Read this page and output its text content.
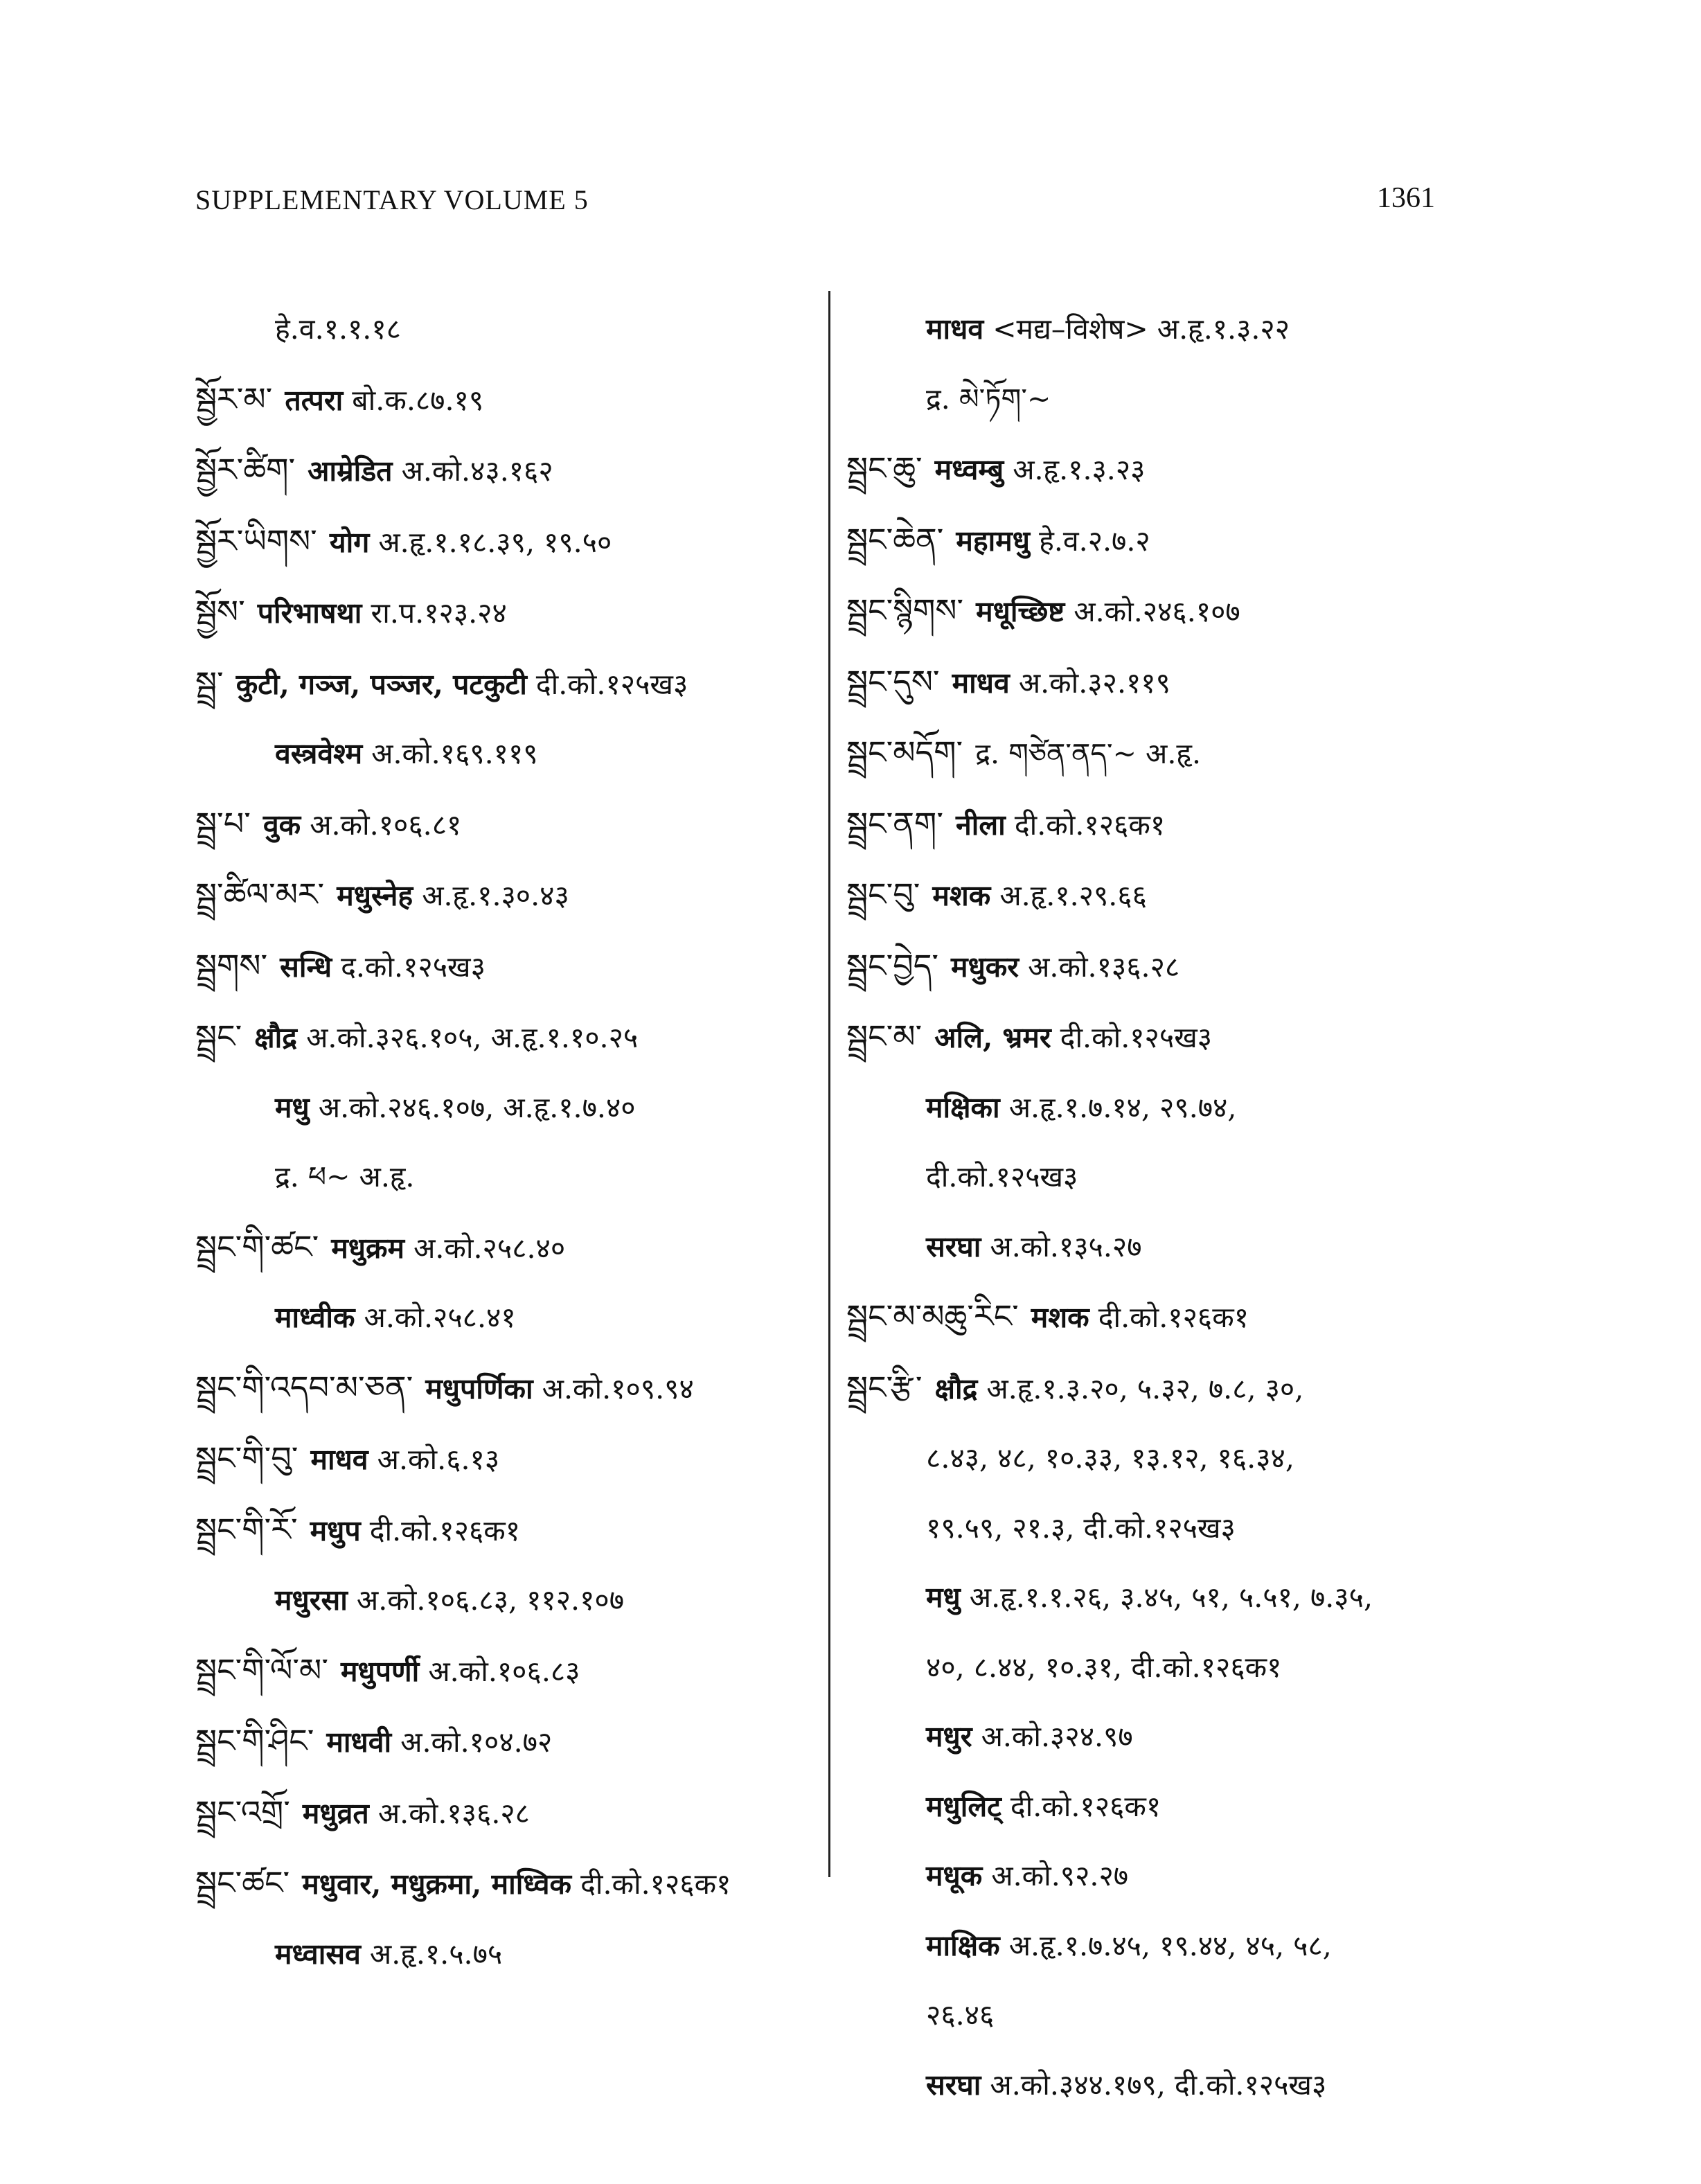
SUPPLEMENTARY VOLUME 5	1361
हे.व.१.१.१८
སྦྱོར་མ་ तत्परा बो.क.८७.१९
སྦྱོར་ཚིག་ आम्रेडित अ.को.४३.१६२
སྦྱོར་ཡིགས་ योग अ.हृ.१.१८.३९, १९.५०
སྦྱོས་ परिभाषथा रा.प.१२३.२४
སྦྲ་ कुटी, गञ्ज, पञ्जर, पटकुटी दी.को.१२५ख३
वस्त्रवेश्म अ.को.१६९.११९
སྦྲ་པ་ वुक अ.को.१०६.८१
སྦྲ་ཚིལ་མར་ मधुस्नेह अ.हृ.१.३०.४३
སྦྲགས་ सन्धि द.को.१२५ख३
སྦྲང་ क्षौद्र अ.को.३२६.१०५, अ.हृ.१.१०.२५
मधु अ.को.२४६.१०७, अ.हृ.१.७.४०
द्र. ཕ~ अ.हृ.
སྦྲང་གི་ཚང་ मधुक्रम अ.को.२५८.४०
माध्वीक अ.को.२५८.४१
སྦྲང་གི་འདབ་མ་ཅན་ मधुपर्णिका अ.को.१०९.९४
སྦྲང་གི་བུ་ माधव अ.को.६.१३
སྦྲང་གི་རོ་ मधुप दी.को.१२६क१
मधुरसा अ.को.१०६.८३, ११२.१०७
སྦྲང་གི་ལོ་མ་ मधुपर्णी अ.को.१०६.८३
སྦྲང་གི་ཤིང་ माधवी अ.को.१०४.७२
སྦྲང་འགྲོ་ मधुव्रत अ.को.१३६.२८
སྦྲང་ཚང་ मधुवार, मधुक्रमा, माध्विक दी.को.१२६क१
मध्वासव अ.हृ.१.५.७५
माधव <मद्य–विशेष> अ.हृ.१.३.२२
द्र. མེ་ཏོག་~
སྦྲང་ཆུ་ मध्वम्बु अ.हृ.१.३.२३
སྦྲང་ཆེན་ महामधु हे.व.२.७.२
སྦྲང་སྙིགས་ मधूच्छिष्ट अ.को.२४६.१०७
སྦྲང་དུས་ माधव अ.को.३२.११९
སྦྲང་མདོག་ द्र. གཙེན་ནད་~ अ.हृ.
སྦྲང་ནག་ नीला दी.को.१२६क१
སྦྲང་བུ་ मशक अ.हृ.१.२९.६६
སྦྲང་བྱེད་ मधुकर अ.को.१३६.२८
སྦྲང་མ་ अलि, भ्रमर दी.को.१२५ख३
मक्षिका अ.हृ.१.७.१४, २९.७४,
दी.को.१२५ख३
सरघा अ.को.१३५.२७
སྦྲང་མ་མཆུ་རིང་ मशक दी.को.१२६क१
སྦྲང་རྩི་ क्षौद्र अ.हृ.१.३.२०, ५.३२, ७.८, ३०,
८.४३, ४८, १०.३३, १३.१२, १६.३४,
१९.५९, २१.३, दी.को.१२५ख३
मधु अ.हृ.१.१.२६, ३.४५, ५१, ५.५१, ७.३५,
४०, ८.४४, १०.३१, दी.को.१२६क१
मधुर अ.को.३२४.९७
मधुलिट् दी.को.१२६क१
मधूक अ.को.९२.२७
माक्षिक अ.हृ.१.७.४५, १९.४४, ४५, ५८,
२६.४६
सरघा अ.को.३४४.१७९, दी.को.१२५ख३
